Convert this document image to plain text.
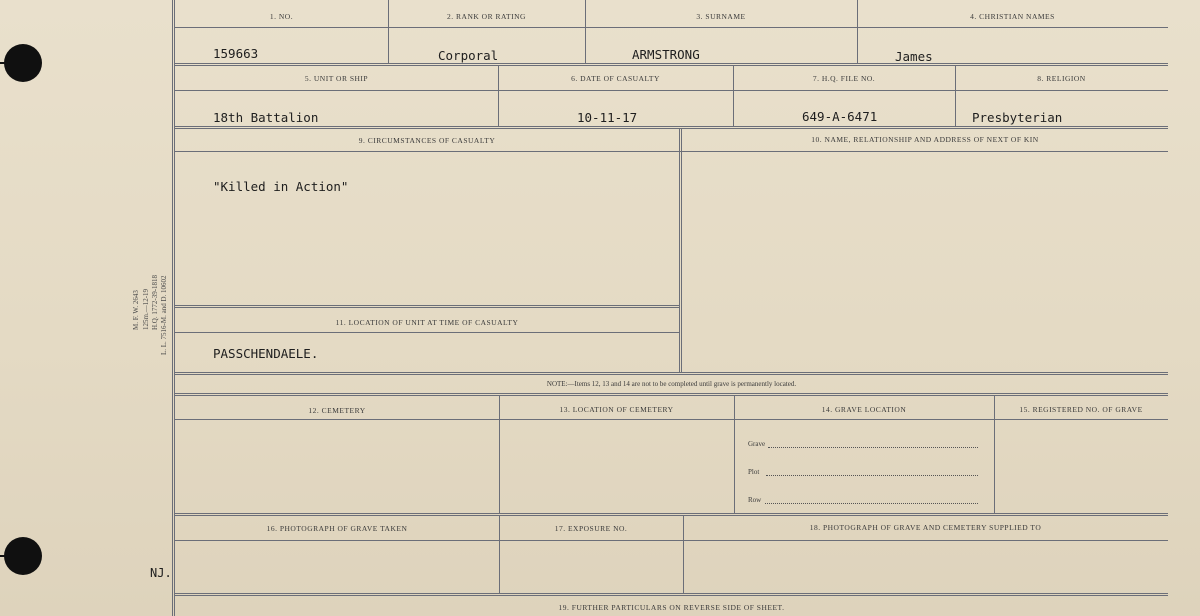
M. F. W. 2643 125m.—12-19 H.Q. 1772-39-1818 L. L. 7516-M. and D. 10602
NJ.
1. NO.	2. RANK OR RATING	3. SURNAME	4. CHRISTIAN NAMES
159663	Corporal	ARMSTRONG	James
5. UNIT OR SHIP	6. DATE OF CASUALTY	7. H.Q. FILE NO.	8. RELIGION
18th Battalion	10-11-17	649-A-6471	Presbyterian
9. CIRCUMSTANCES OF CASUALTY	10. NAME, RELATIONSHIP AND ADDRESS OF NEXT OF KIN
"Killed in Action"
11. LOCATION OF UNIT AT TIME OF CASUALTY
PASSCHENDAELE.
NOTE:—Items 12, 13 and 14 are not to be completed until grave is permanently located.
12. CEMETERY	13. LOCATION OF CEMETERY	14. GRAVE LOCATION	15. REGISTERED NO. OF GRAVE
Grave
Plot
Row
16. PHOTOGRAPH OF GRAVE TAKEN	17. EXPOSURE NO.	18. PHOTOGRAPH OF GRAVE AND CEMETERY SUPPLIED TO
19. FURTHER PARTICULARS ON REVERSE SIDE OF SHEET.
